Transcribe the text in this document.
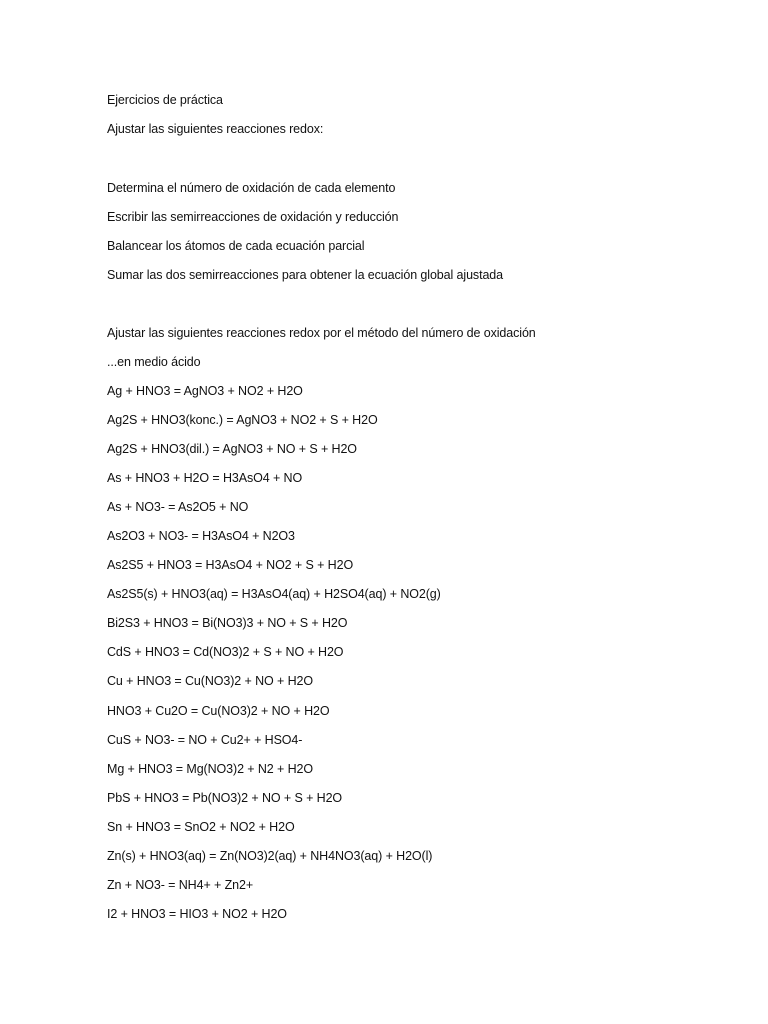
Ejercicios de práctica
Ajustar las siguientes reacciones redox:
Determina el número de oxidación de cada elemento
Escribir las semirreacciones de oxidación y reducción
Balancear los átomos de cada ecuación parcial
Sumar las dos semirreacciones para obtener la ecuación global ajustada
Ajustar las siguientes reacciones redox por el método del número de oxidación
...en medio ácido
Ag + HNO3 = AgNO3 + NO2 + H2O
Ag2S + HNO3(konc.) = AgNO3 + NO2 + S + H2O
Ag2S + HNO3(dil.) = AgNO3 + NO + S + H2O
As + HNO3 + H2O = H3AsO4 + NO
As + NO3- = As2O5 + NO
As2O3 + NO3- = H3AsO4 + N2O3
As2S5 + HNO3 = H3AsO4 + NO2 + S + H2O
As2S5(s) + HNO3(aq) = H3AsO4(aq) + H2SO4(aq) + NO2(g)
Bi2S3 + HNO3 = Bi(NO3)3 + NO + S + H2O
CdS + HNO3 = Cd(NO3)2 + S + NO + H2O
Cu + HNO3 = Cu(NO3)2 + NO + H2O
HNO3 + Cu2O = Cu(NO3)2 + NO + H2O
CuS + NO3- = NO + Cu2+ + HSO4-
Mg + HNO3 = Mg(NO3)2 + N2 + H2O
PbS + HNO3 = Pb(NO3)2 + NO + S + H2O
Sn + HNO3 = SnO2 + NO2 + H2O
Zn(s) + HNO3(aq) = Zn(NO3)2(aq) + NH4NO3(aq) + H2O(l)
Zn + NO3- = NH4+ + Zn2+
I2 + HNO3 = HIO3 + NO2 + H2O
